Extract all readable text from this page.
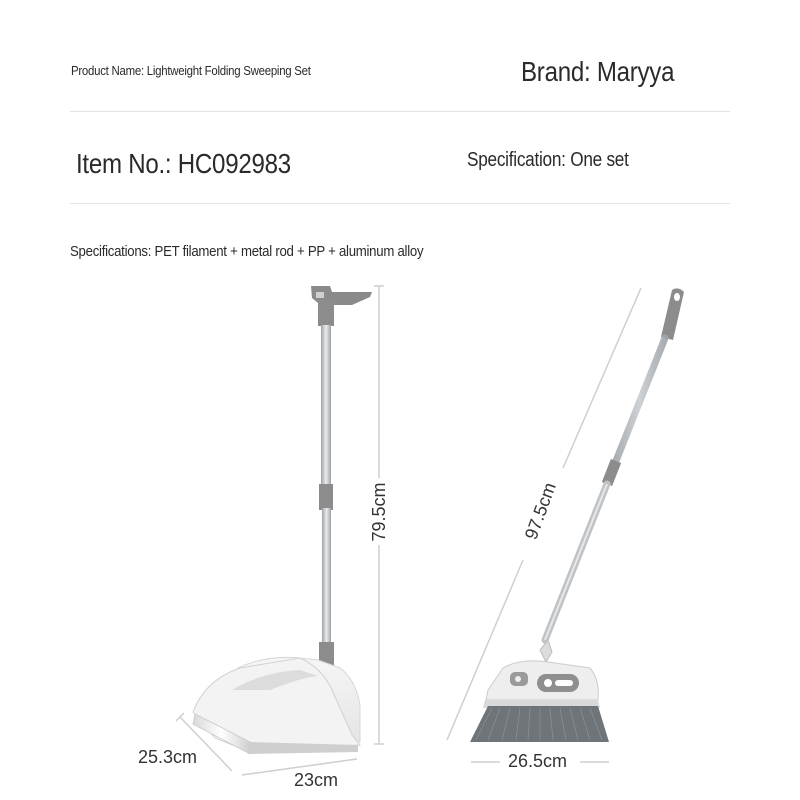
Product Name: Lightweight Folding Sweeping Set	Brand: Maryya
Item No.: HC092983	Specification: One set
Specifications: PET filament + metal rod + PP + aluminum alloy
79.5cm
25.3cm
23cm
97.5cm
26.5cm
